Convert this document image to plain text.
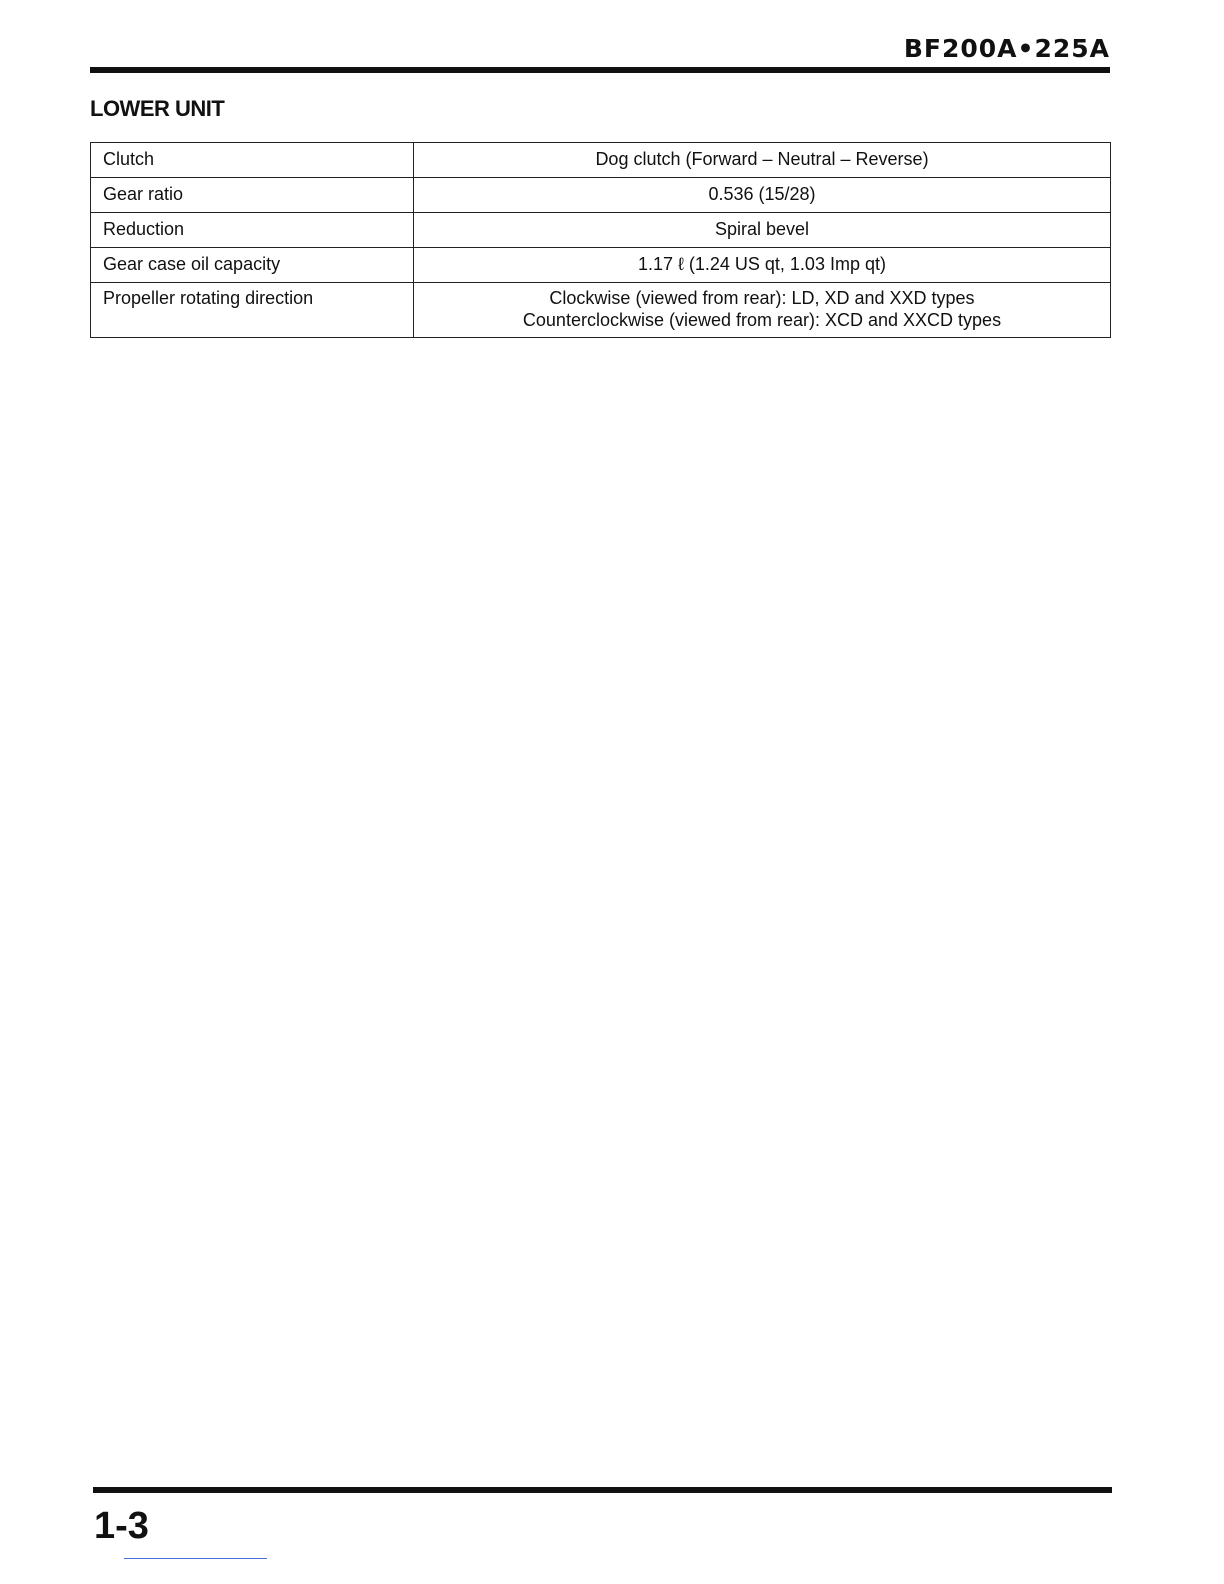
BF200A•225A
LOWER UNIT
Clutch	Dog clutch (Forward – Neutral – Reverse)

Gear ratio	0.536 (15/28)

Reduction	Spiral bevel

Gear case oil capacity	1.17 ℓ (1.24 US qt, 1.03 Imp qt)

Propeller rotating direction	Clockwise (viewed from rear): LD, XD and XXD types
Counterclockwise (viewed from rear): XCD and XXCD types
1-3
